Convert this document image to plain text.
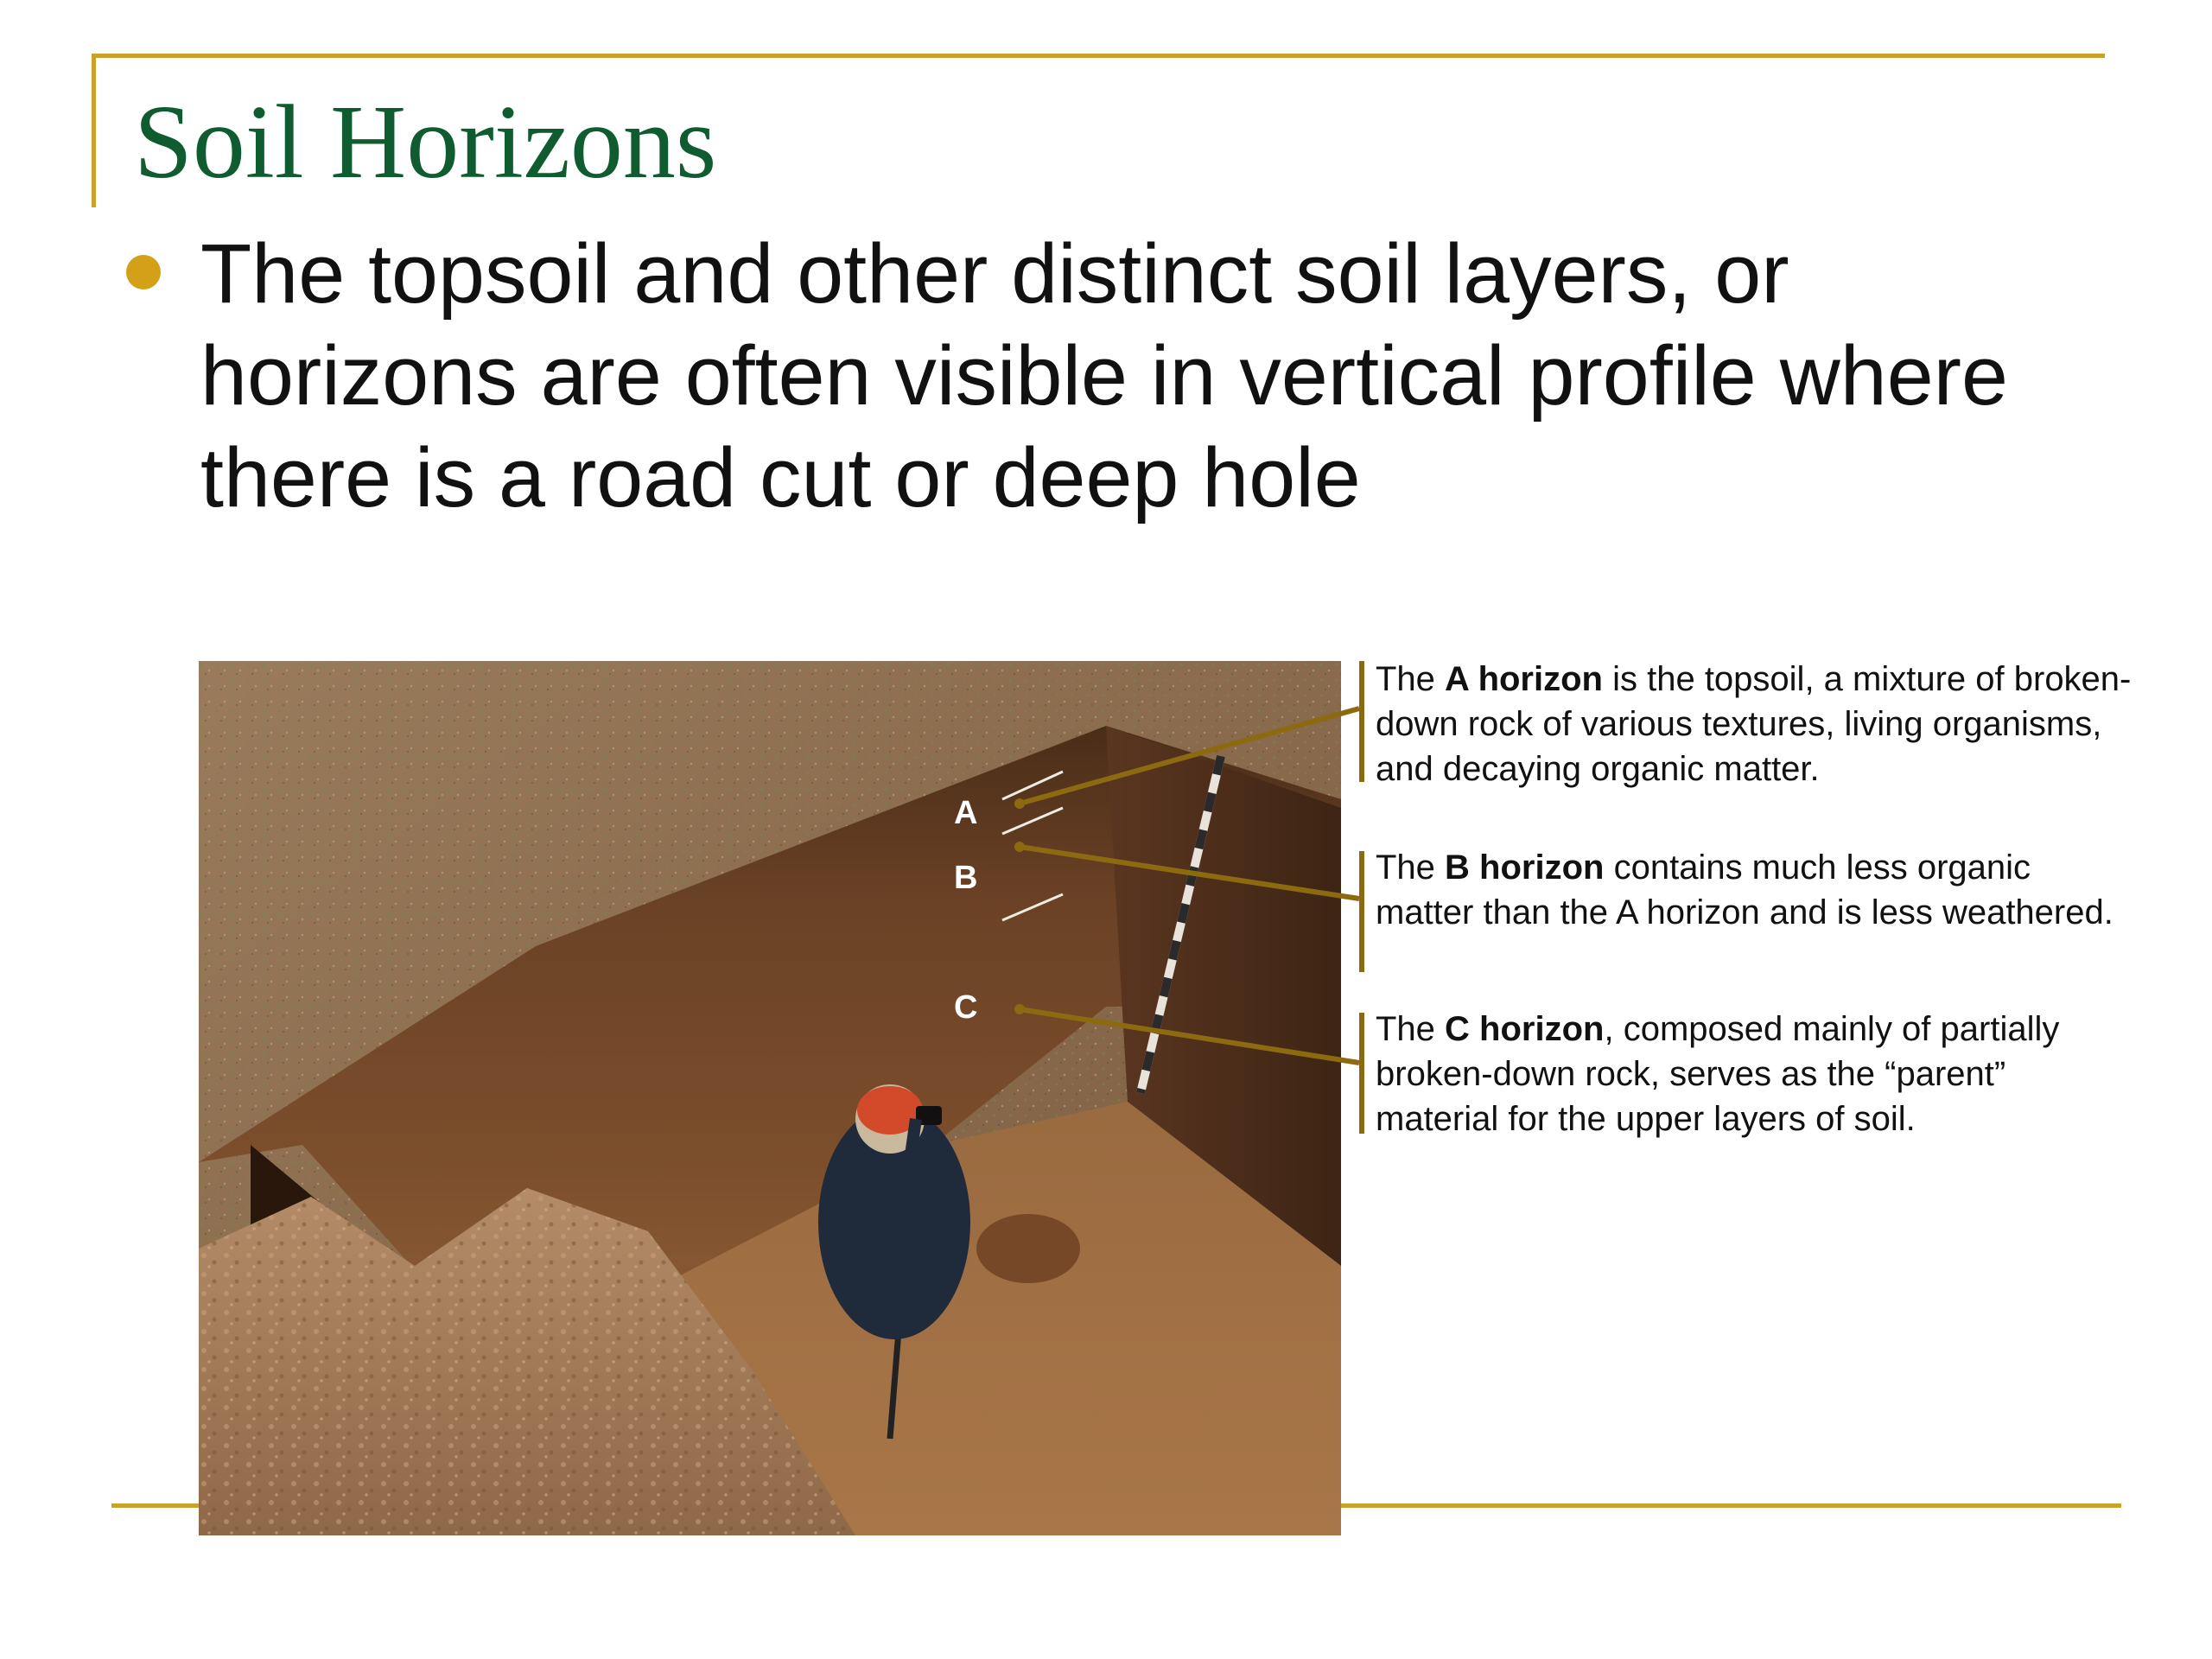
Soil Horizons

The topsoil and other distinct soil layers, or horizons are often visible in vertical profile where there is a road cut or deep hole

A
B
C

The A horizon is the topsoil, a mixture of broken-down rock of various textures, living organisms, and decaying organic matter.

The B horizon contains much less organic matter than the A horizon and is less weathered.

The C horizon, composed mainly of partially broken-down rock, serves as the “parent” material for the upper layers of soil.
